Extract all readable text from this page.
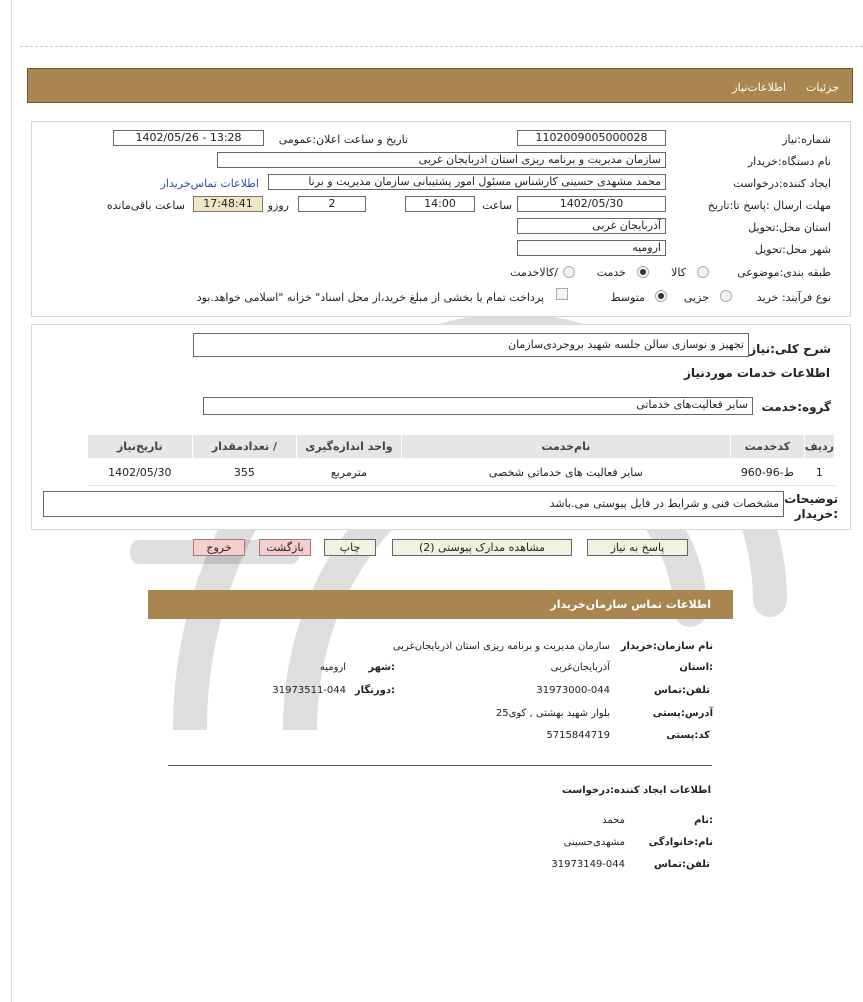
جزئیات
اطلاعات‌نیاز
شماره:نیاز
1102009005000028
تاریخ و ساعت اعلان:عمومی
1402/05/26 - 13:28
نام دستگاه:خریدار
سازمان مدیریت و برنامه ریزی استان اذربایجان غربی
ایجاد کننده:درخواست
محمد مشهدی حسینی کارشناس مسئول امور پشتیبانی سازمان مدیریت و برنا
اطلاعات تماس‌خریدار
مهلت ارسال :پاسخ تا:تاریخ
1402/05/30
ساعت
14:00
2
روزو
17:48:41
ساعت باقی‌مانده
استان محل:تحویل
آذربایجان غربی
شهر محل:تحویل
ارومیه
طبقه بندی:موضوعی
کالا
خدمت
/کالاخدمت
نوع فرآیند: خرید
جزیی
متوسط
پرداخت تمام یا بخشی از مبلغ خرید،از محل اسناد" خزانه "اسلامی خواهد.بود
شرح کلی:نیاز
تجهیز و نوسازی سالن جلسه شهید بروجردی‌سازمان
اطلاعات خدمات موردنیاز
گروه:خدمت
سایر فعالیت‌های خدماتی
ردیف	کدخدمت	نام‌خدمت	واحد اندازه‌گیری	/ تعدادمقدار	تاریخ‌نیاز
1	ط-96-960	سایر فعالیت های خدماتی شخصی	مترمربع	355	1402/05/30
توضیحات :خریدار
مشخصات فنی و شرایط در فایل پیوستی می.باشد
پاسخ به نیاز
مشاهده مدارک پیوستی (2)
چاپ
بازگشت
خروج
اطلاعات تماس سازمان‌خریدار
نام سازمان:خریدار
سازمان مدیریت و برنامه ریزی استان اذربایجان‌غربی
:استان
آذربایجان‌غربی
:شهر
ارومیه
تلفن:تماس
31973000-044
:دورنگار
31973511-044
آدرس:پستی
بلوار شهید بهشتی , کوی25
کد:پستی
5715844719
اطلاعات ایجاد کننده:درخواست
:نام
محمد
نام:خانوادگی
مشهدی‌حسینی
تلفن:تماس
31973149-044
